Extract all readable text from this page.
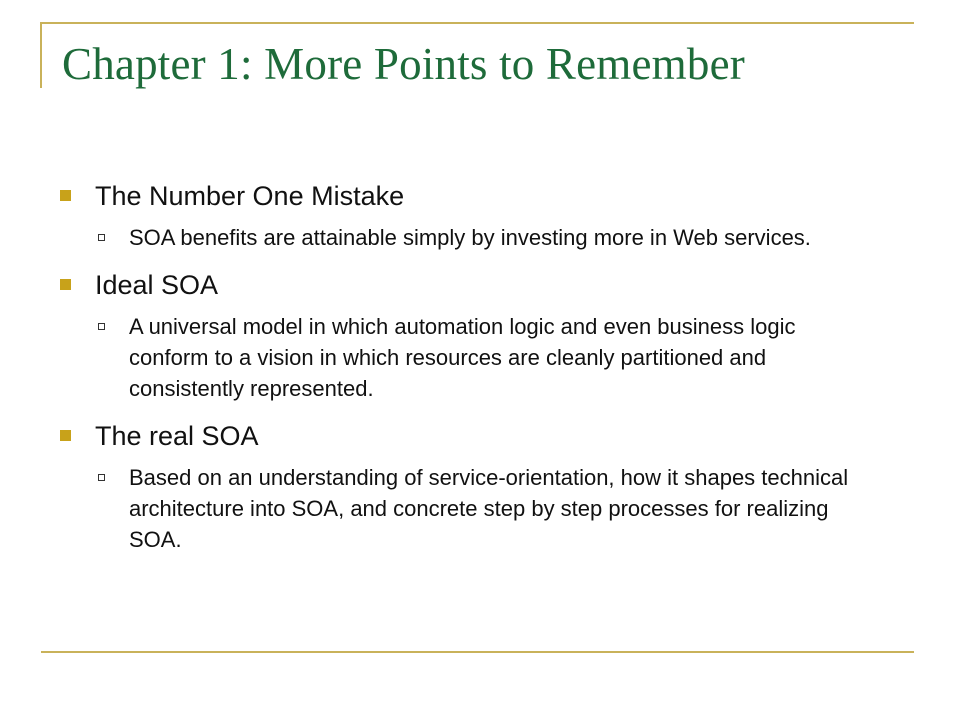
Chapter 1: More Points to Remember
The Number One Mistake
SOA benefits are attainable simply by investing more in Web services.
Ideal SOA
A universal model in which automation logic and even business logic conform to a vision in which resources are cleanly partitioned and consistently represented.
The real SOA
Based on an understanding of service-orientation, how it shapes technical architecture into SOA, and concrete step by step processes for realizing SOA.
